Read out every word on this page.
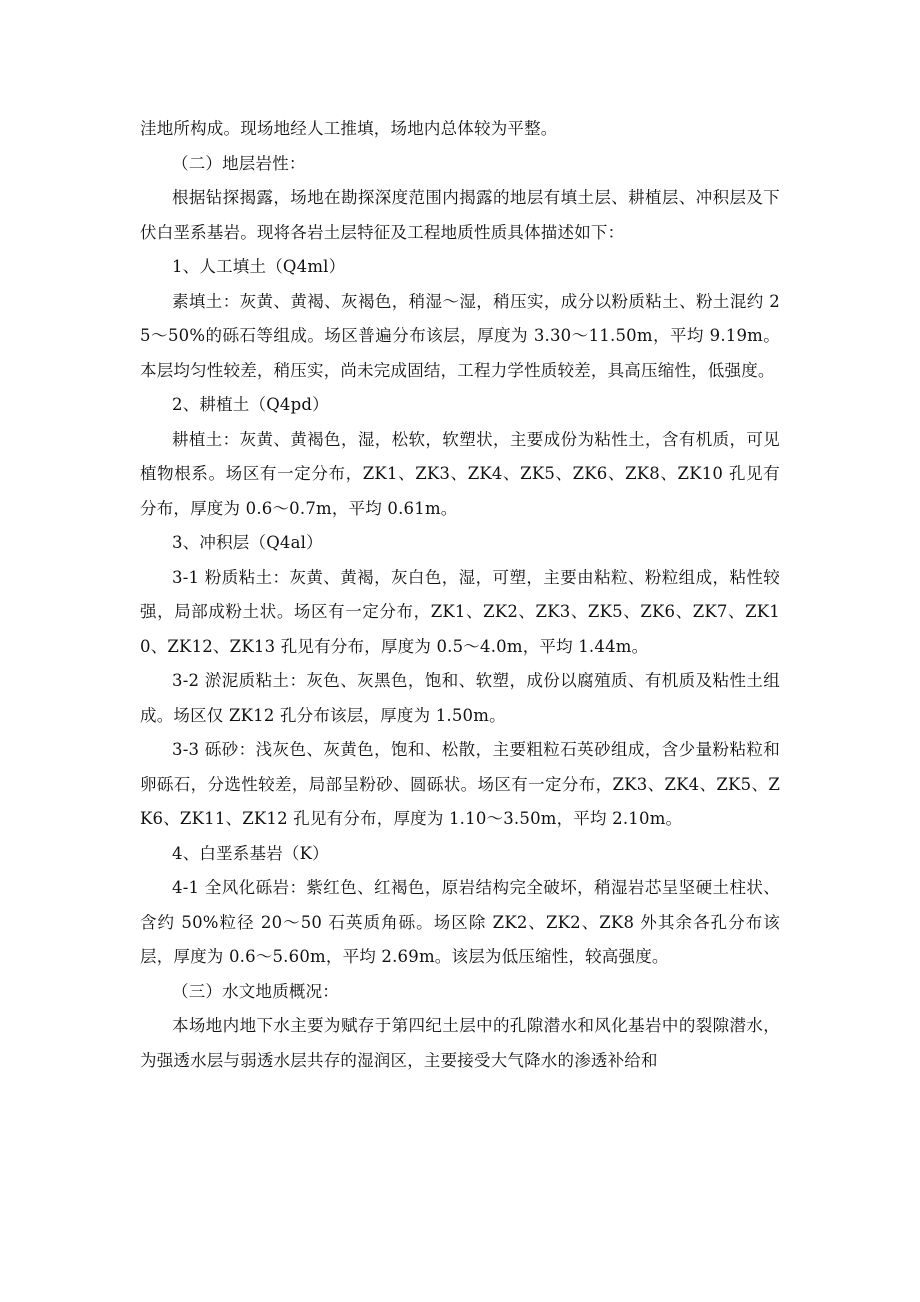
洼地所构成。现场地经人工推填，场地内总体较为平整。

（二）地层岩性：

根据钻探揭露，场地在勘探深度范围内揭露的地层有填土层、耕植层、冲积层及下伏白垩系基岩。现将各岩土层特征及工程地质性质具体描述如下：

1、人工填土（Q4ml）

素填土：灰黄、黄褐、灰褐色，稍湿～湿，稍压实，成分以粉质粘土、粉土混约 25～50%的砾石等组成。场区普遍分布该层，厚度为 3.30～11.50m，平均 9.19m。本层均匀性较差，稍压实，尚未完成固结，工程力学性质较差，具高压缩性，低强度。

2、耕植土（Q4pd）

耕植土：灰黄、黄褐色，湿，松软，软塑状，主要成份为粘性土，含有机质，可见植物根系。场区有一定分布，ZK1、ZK3、ZK4、ZK5、ZK6、ZK8、ZK10 孔见有分布，厚度为 0.6～0.7m，平均 0.61m。

3、冲积层（Q4al）

3-1 粉质粘土：灰黄、黄褐，灰白色，湿，可塑，主要由粘粒、粉粒组成，粘性较强，局部成粉土状。场区有一定分布，ZK1、ZK2、ZK3、ZK5、ZK6、ZK7、ZK10、ZK12、ZK13 孔见有分布，厚度为 0.5～4.0m，平均 1.44m。

3-2 淤泥质粘土：灰色、灰黑色，饱和、软塑，成份以腐殖质、有机质及粘性土组成。场区仅 ZK12 孔分布该层，厚度为 1.50m。

3-3 砾砂：浅灰色、灰黄色，饱和、松散，主要粗粒石英砂组成，含少量粉粘粒和卵砾石，分选性较差，局部呈粉砂、圆砾状。场区有一定分布，ZK3、ZK4、ZK5、ZK6、ZK11、ZK12 孔见有分布，厚度为 1.10～3.50m，平均 2.10m。

4、白垩系基岩（K）

4-1 全风化砾岩：紫红色、红褐色，原岩结构完全破坏，稍湿岩芯呈坚硬土柱状、含约 50%粒径 20～50 石英质角砾。场区除 ZK2、ZK2、ZK8 外其余各孔分布该层，厚度为 0.6～5.60m，平均 2.69m。该层为低压缩性，较高强度。

（三）水文地质概况：

本场地内地下水主要为赋存于第四纪土层中的孔隙潜水和风化基岩中的裂隙潜水，为强透水层与弱透水层共存的湿润区，主要接受大气降水的渗透补给和
